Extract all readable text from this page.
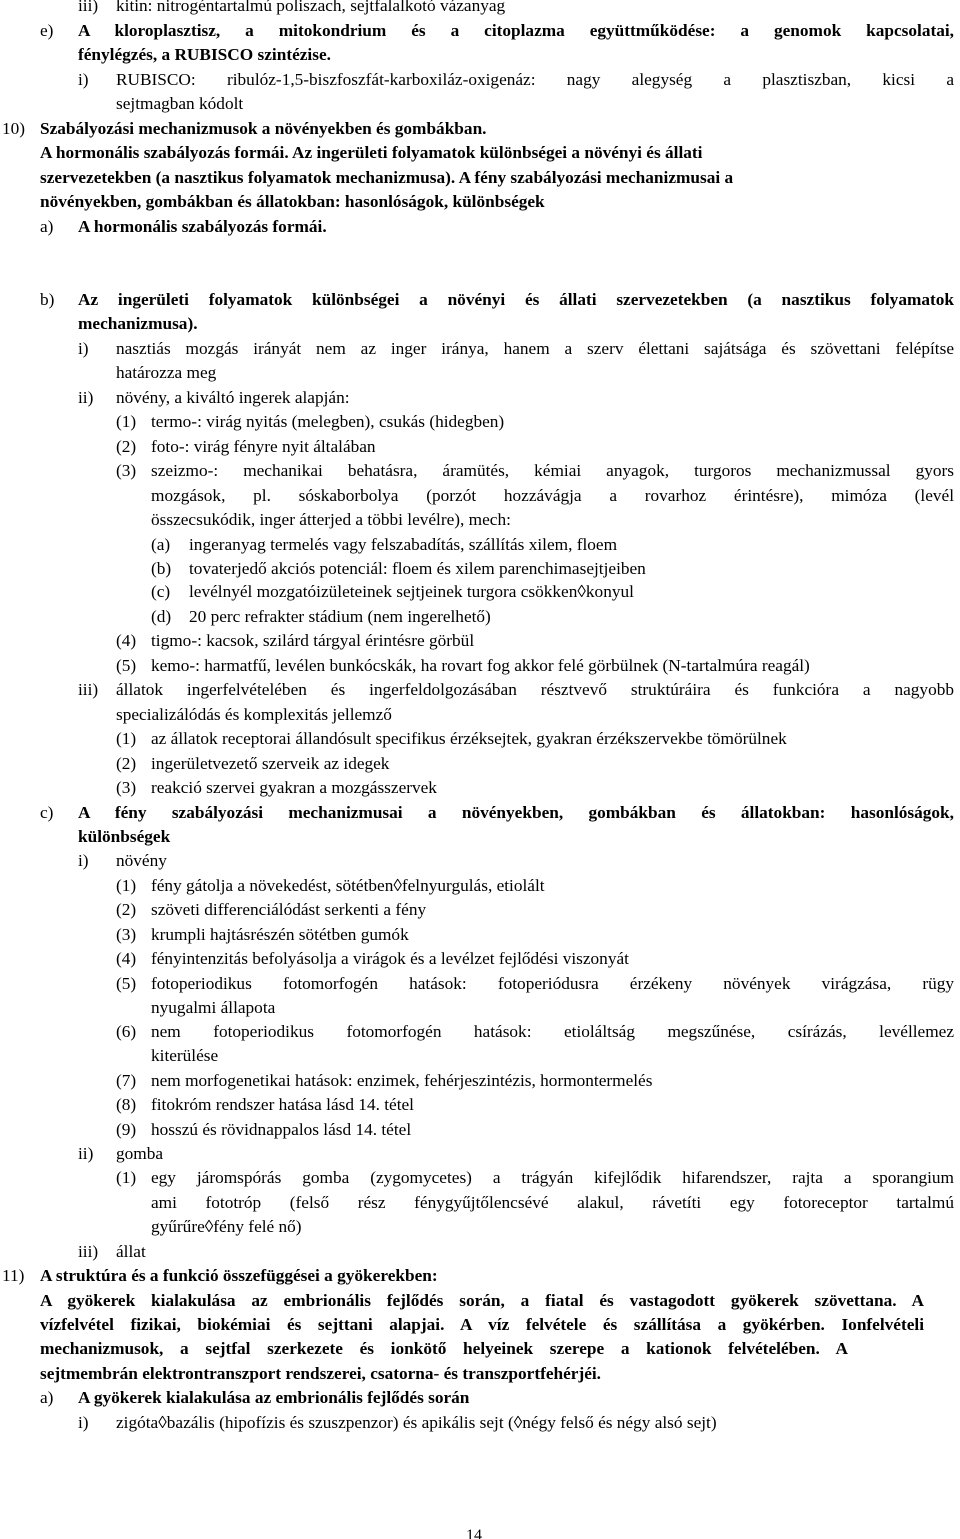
iii) kitin: nitrogéntartalmú poliszach, sejtfalalkotó vázanyag
e) A kloroplasztisz, a mitokondrium és a citoplazma együttműködése: a genomok kapcsolatai,
fénylégzés, a RUBISCO szintézise.
i) RUBISCO: ribulóz-1,5-biszfoszfát-karboxiláz-oxigenáz: nagy alegység a plasztiszban, kicsi a
sejtmagban kódolt
10) Szabályozási mechanizmusok a növényekben és gombákban.
A hormonális szabályozás formái. Az ingerületi folyamatok különbségei a növényi és állati
szervezetekben (a nasztikus folyamatok mechanizmusa). A fény szabályozási mechanizmusai a
növényekben, gombákban és állatokban: hasonlóságok, különbségek
a) A hormonális szabályozás formái.
b) Az ingerületi folyamatok különbségei a növényi és állati szervezetekben (a nasztikus folyamatok
mechanizmusa).
i) nasztiás mozgás irányát nem az inger iránya, hanem a szerv élettani sajátsága és szövettani felépítse
határozza meg
ii) növény, a kiváltó ingerek alapján:
(1) termo-: virág nyitás (melegben), csukás (hidegben)
(2) foto-: virág fényre nyit általában
(3) szeizmo-: mechanikai behatásra, áramütés, kémiai anyagok, turgoros mechanizmussal gyors
mozgások, pl. sóskaborbolya (porzót hozzávágja a rovarhoz érintésre), mimóza (levél
összecsukódik, inger átterjed a többi levélre), mech:
(a) ingeranyag termelés vagy felszabadítás, szállítás xilem, floem
(b) tovaterjedő akciós potenciál: floem és xilem parenchimasejtjeiben
(c) levélnyél mozgatóizületeinek sejtjeinek turgora csökken◊konyul
(d) 20 perc refrakter stádium (nem ingerelhető)
(4) tigmo-: kacsok, szilárd tárgyal érintésre görbül
(5) kemo-: harmatfű, levélen bunkócskák, ha rovart fog akkor felé görbülnek (N-tartalmúra reagál)
iii) állatok ingerfelvételében és ingerfeldolgozásában résztvevő struktúráira és funkcióra a nagyobb
specializálódás és komplexitás jellemző
(1) az állatok receptorai állandósult specifikus érzéksejtek, gyakran érzékszervekbe tömörülnek
(2) ingerületvezető szerveik az idegek
(3) reakció szervei gyakran a mozgásszervek
c) A fény szabályozási mechanizmusai a növényekben, gombákban és állatokban: hasonlóságok,
különbségek
i) növény
(1) fény gátolja a növekedést, sötétben◊felnyurgulás, etiolált
(2) szöveti differenciálódást serkenti a fény
(3) krumpli hajtásrészén sötétben gumók
(4) fényintenzitás befolyásolja a virágok és a levélzet fejlődési viszonyát
(5) fotoperiodikus fotomorfogén hatások: fotoperiódusra érzékeny növények virágzása, rügy
nyugalmi állapota
(6) nem fotoperiodikus fotomorfogén hatások: etioláltság megszűnése, csírázás, levéllemez
kiterülése
(7) nem morfogenetikai hatások: enzimek, fehérjeszintézis, hormontermelés
(8) fitokróm rendszer hatása lásd 14. tétel
(9) hosszú és rövidnappalos lásd 14. tétel
ii) gomba
(1) egy járomspórás gomba (zygomycetes) a trágyán kifejlődik hifarendszer, rajta a sporangium
ami fototróp (felső rész fénygyűjtőlencsévé alakul, rávetíti egy fotoreceptor tartalmú
gyűrűre◊fény felé nő)
iii) állat
11) A struktúra és a funkció összefüggései a gyökerekben:
A gyökerek kialakulása az embrionális fejlődés során, a fiatal és vastagodott gyökerek szövettana. A
vízfelvétel fizikai, biokémiai és sejttani alapjai. A víz felvétele és szállítása a gyökérben. Ionfelvételi
mechanizmusok, a sejtfal szerkezete és ionkötő helyeinek szerepe a kationok felvételében. A
sejtmembrán elektrontranszport rendszerei, csatorna- és transzportfehérjéi.
a) A gyökerek kialakulása az embrionális fejlődés során
i) zigóta◊bazális (hipofízis és szuszpenzor) és apikális sejt (◊négy felső és négy alsó sejt)
14
